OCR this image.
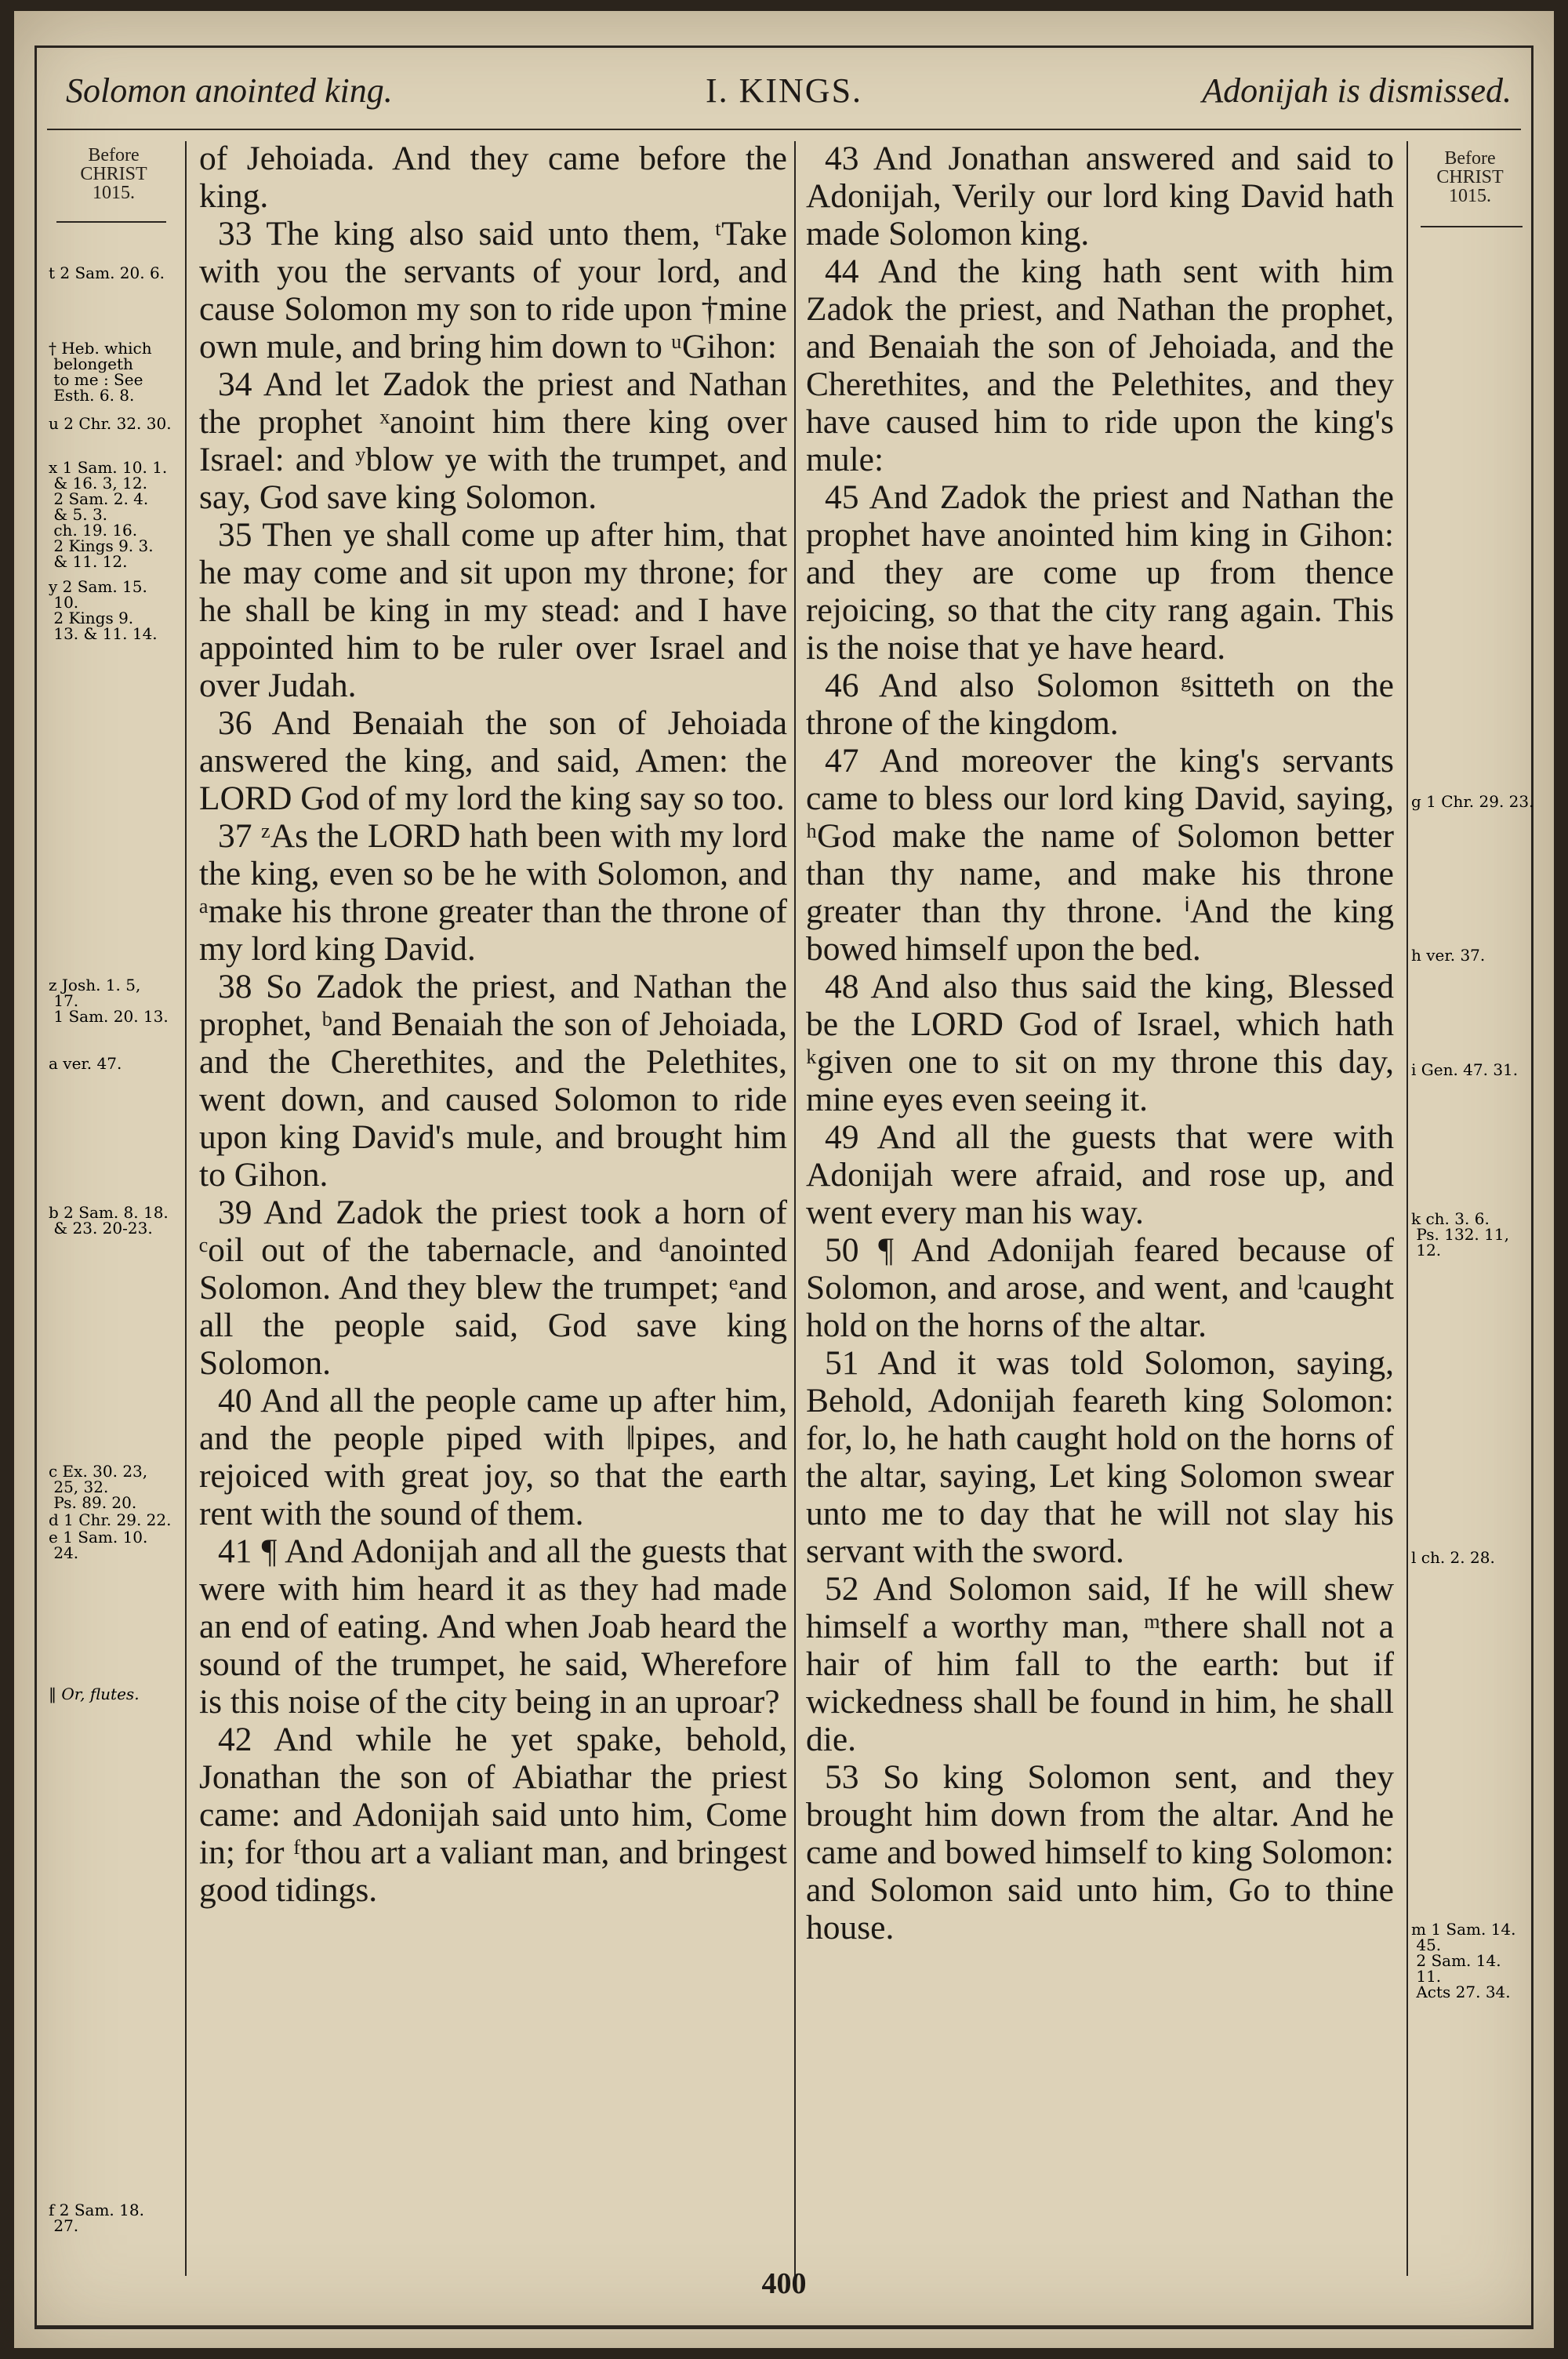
Solomon anointed king.	I. KINGS.	Adonijah is dismissed.
Before
CHRIST
1015.
t 2 Sam. 20. 6.
† Heb. which
belongeth
to me : See
Esth. 6. 8.
u 2 Chr. 32. 30.
x 1 Sam. 10. 1.
& 16. 3, 12.
2 Sam. 2. 4.
& 5. 3.
ch. 19. 16.
2 Kings 9. 3.
& 11. 12.
y 2 Sam. 15.
10.
2 Kings 9.
13. & 11. 14.
z Josh. 1. 5,
17.
1 Sam. 20. 13.
a ver. 47.
b 2 Sam. 8. 18.
& 23. 20-23.
c Ex. 30. 23,
25, 32.
Ps. 89. 20.
d 1 Chr. 29. 22.
e 1 Sam. 10.
24.
‖ Or, flutes.
f 2 Sam. 18.
27.

of Jehoiada. And they came before the king.

33 The king also said unto them, ᵗTake with you the servants of your lord, and cause Solomon my son to ride upon †mine own mule, and bring him down to ᵘGihon:

34 And let Zadok the priest and Nathan the prophet ˣanoint him there king over Israel: and ʸblow ye with the trumpet, and say, God save king Solomon.

35 Then ye shall come up after him, that he may come and sit upon my throne; for he shall be king in my stead: and I have appointed him to be ruler over Israel and over Judah.

36 And Benaiah the son of Jehoiada answered the king, and said, Amen: the LORD God of my lord the king say so too.

37 ᶻAs the LORD hath been with my lord the king, even so be he with Solomon, and ᵃmake his throne greater than the throne of my lord king David.

38 So Zadok the priest, and Nathan the prophet, ᵇand Benaiah the son of Jehoiada, and the Cherethites, and the Pelethites, went down, and caused Solomon to ride upon king David's mule, and brought him to Gihon.

39 And Zadok the priest took a horn of ᶜoil out of the tabernacle, and ᵈanointed Solomon. And they blew the trumpet; ᵉand all the people said, God save king Solomon.

40 And all the people came up after him, and the people piped with ‖pipes, and rejoiced with great joy, so that the earth rent with the sound of them.

41 ¶ And Adonijah and all the guests that were with him heard it as they had made an end of eating. And when Joab heard the sound of the trumpet, he said, Wherefore is this noise of the city being in an uproar?

42 And while he yet spake, behold, Jonathan the son of Abiathar the priest came: and Adonijah said unto him, Come in; for ᶠthou art a valiant man, and bringest good tidings.

43 And Jonathan answered and said to Adonijah, Verily our lord king David hath made Solomon king.

44 And the king hath sent with him Zadok the priest, and Nathan the prophet, and Benaiah the son of Jehoiada, and the Cherethites, and the Pelethites, and they have caused him to ride upon the king's mule:

45 And Zadok the priest and Nathan the prophet have anointed him king in Gihon: and they are come up from thence rejoicing, so that the city rang again. This is the noise that ye have heard.

46 And also Solomon ᵍsitteth on the throne of the kingdom.

47 And moreover the king's servants came to bless our lord king David, saying, ʰGod make the name of Solomon better than thy name, and make his throne greater than thy throne. ⁱAnd the king bowed himself upon the bed.

48 And also thus said the king, Blessed be the LORD God of Israel, which hath ᵏgiven one to sit on my throne this day, mine eyes even seeing it.

49 And all the guests that were with Adonijah were afraid, and rose up, and went every man his way.

50 ¶ And Adonijah feared because of Solomon, and arose, and went, and ˡcaught hold on the horns of the altar.

51 And it was told Solomon, saying, Behold, Adonijah feareth king Solomon: for, lo, he hath caught hold on the horns of the altar, saying, Let king Solomon swear unto me to day that he will not slay his servant with the sword.

52 And Solomon said, If he will shew himself a worthy man, ᵐthere shall not a hair of him fall to the earth: but if wickedness shall be found in him, he shall die.

53 So king Solomon sent, and they brought him down from the altar. And he came and bowed himself to king Solomon: and Solomon said unto him, Go to thine house.

Before
CHRIST
1015.
g 1 Chr. 29. 23.
h ver. 37.
i Gen. 47. 31.
k ch. 3. 6.
Ps. 132. 11,
12.
l ch. 2. 28.
m 1 Sam. 14.
45.
2 Sam. 14.
11.
Acts 27. 34.
400
